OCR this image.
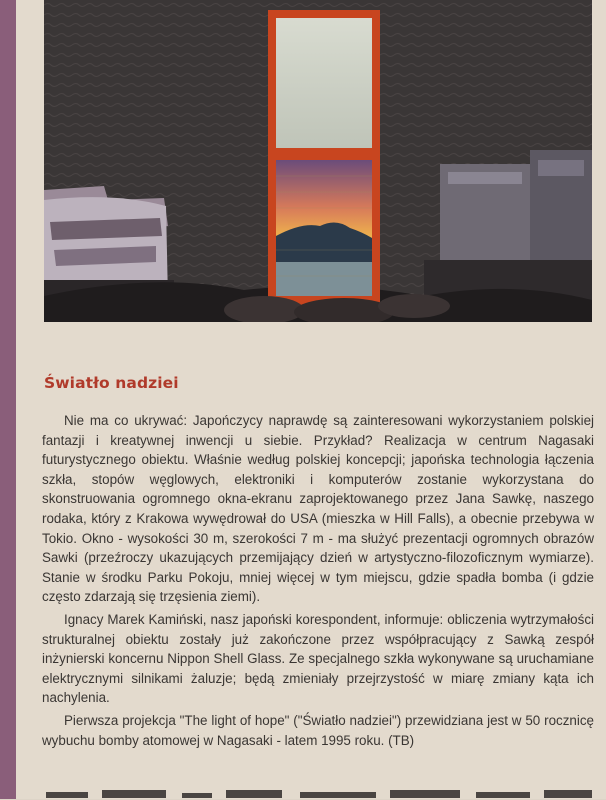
Światło nadziei

Nie ma co ukrywać: Japończycy naprawdę są zainteresowani wykorzystaniem polskiej fantazji i kreatywnej inwencji u siebie. Przykład? Realizacja w centrum Nagasaki futurystycznego obiektu. Właśnie według polskiej koncepcji; japońska technologia łączenia szkła, stopów węglowych, elektroniki i komputerów zostanie wykorzystana do skonstruowania ogromnego okna-ekranu zaprojektowanego przez Jana Sawkę, naszego rodaka, który z Krakowa wywędrował do USA (mieszka w Hill Falls), a obecnie przebywa w Tokio. Okno - wysokości 30 m, szerokości 7 m - ma służyć prezentacji ogromnych obrazów Sawki (przeźroczy ukazujących przemijający dzień w artystyczno-filozoficznym wymiarze). Stanie w środku Parku Pokoju, mniej więcej w tym miejscu, gdzie spadła bomba (i gdzie często zdarzają się trzęsienia ziemi).

Ignacy Marek Kamiński, nasz japoński korespondent, informuje: obliczenia wytrzymałości strukturalnej obiektu zostały już zakończone przez współpracujący z Sawką zespół inżynierski koncernu Nippon Shell Glass. Ze specjalnego szkła wykonywane są uruchamiane elektrycznymi silnikami żaluzje; będą zmieniały przejrzystość w miarę zmiany kąta ich nachylenia.

Pierwsza projekcja "The light of hope" ("Światło nadziei") przewidziana jest w 50 rocznicę wybuchu bomby atomowej w Nagasaki - latem 1995 roku. (TB)
